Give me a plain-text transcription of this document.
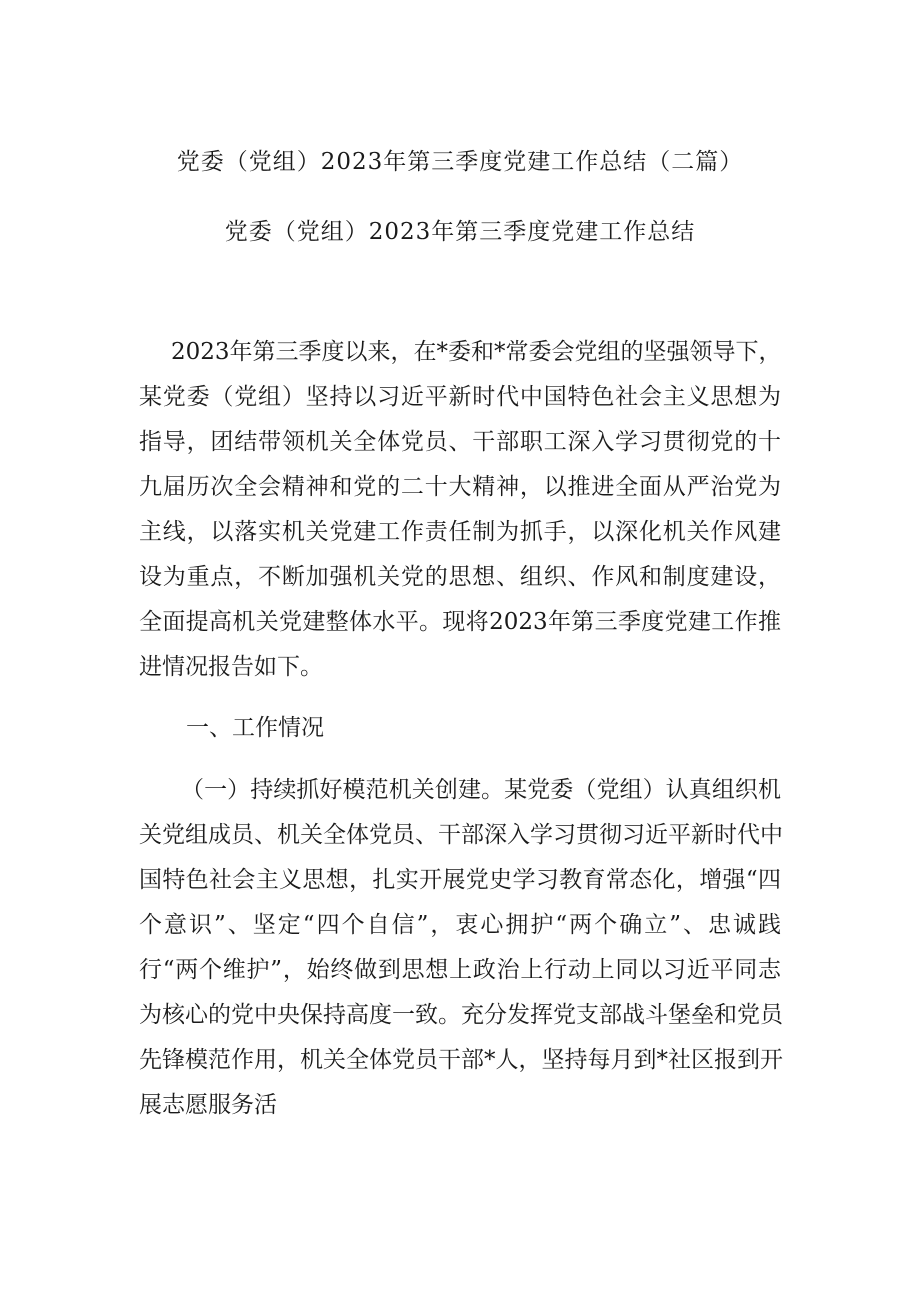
党委（党组）2023年第三季度党建工作总结（二篇）
党委（党组）2023年第三季度党建工作总结
2023年第三季度以来，在*委和*常委会党组的坚强领导下，
某党委（党组）坚持以习近平新时代中国特色社会主义思想为
指导，团结带领机关全体党员、干部职工深入学习贯彻党的十
九届历次全会精神和党的二十大精神，以推进全面从严治党为
主线，以落实机关党建工作责任制为抓手，以深化机关作风建
设为重点，不断加强机关党的思想、组织、作风和制度建设，
全面提高机关党建整体水平。现将2023年第三季度党建工作推
进情况报告如下。
一、工作情况
（一）持续抓好模范机关创建。某党委（党组）认真组织机
关党组成员、机关全体党员、干部深入学习贯彻习近平新时代中
国特色社会主义思想，扎实开展党史学习教育常态化，增强“四
个意识”、坚定“四个自信”，衷心拥护“两个确立”、忠诚践
行“两个维护”，始终做到思想上政治上行动上同以习近平同志
为核心的党中央保持高度一致。充分发挥党支部战斗堡垒和党员
先锋模范作用，机关全体党员干部*人，坚持每月到*社区报到开
展志愿服务活
